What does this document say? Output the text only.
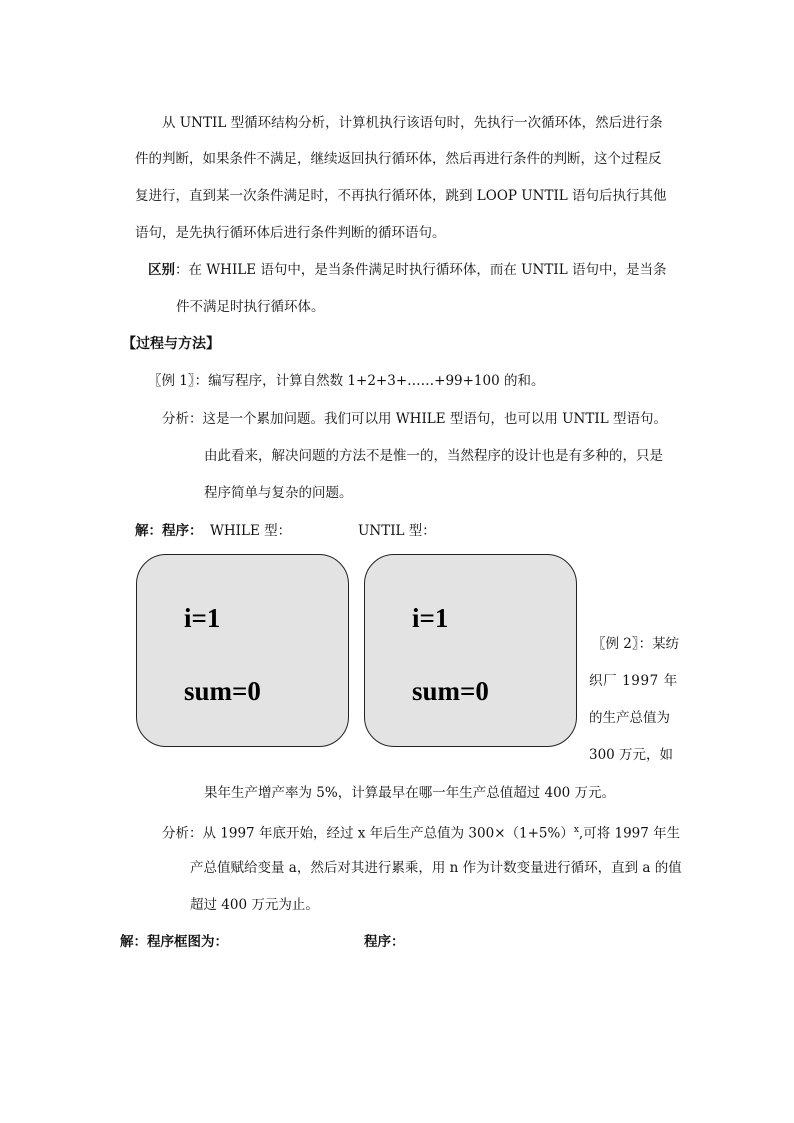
从 UNTIL 型循环结构分析，计算机执行该语句时，先执行一次循环体，然后进行条
件的判断，如果条件不满足，继续返回执行循环体，然后再进行条件的判断，这个过程反
复进行，直到某一次条件满足时，不再执行循环体，跳到 LOOP UNTIL 语句后执行其他
语句，是先执行循环体后进行条件判断的循环语句。
区别：在 WHILE 语句中，是当条件满足时执行循环体，而在 UNTIL 语句中，是当条
件不满足时执行循环体。
【过程与方法】
〖例 1〗：编写程序，计算自然数 1+2+3+……+99+100 的和。
分析：这是一个累加问题。我们可以用 WHILE 型语句，也可以用 UNTIL 型语句。
由此看来，解决问题的方法不是惟一的，当然程序的设计也是有多种的，只是
程序简单与复杂的问题。
解：程序： WHILE 型：	UNTIL 型：
i=1
sum=0
i=1
sum=0
〖例 2〗：某纺
织厂 1997 年
的生产总值为
300 万元，如
果年生产增产率为 5%，计算最早在哪一年生产总值超过 400 万元。
分析：从 1997 年底开始，经过 x 年后生产总值为 $300\times(1+5\%)^x$,可将 1997 年生
产总值赋给变量 a，然后对其进行累乘，用 n 作为计数变量进行循环，直到 a 的值
超过 400 万元为止。
解：程序框图为：	程序：
